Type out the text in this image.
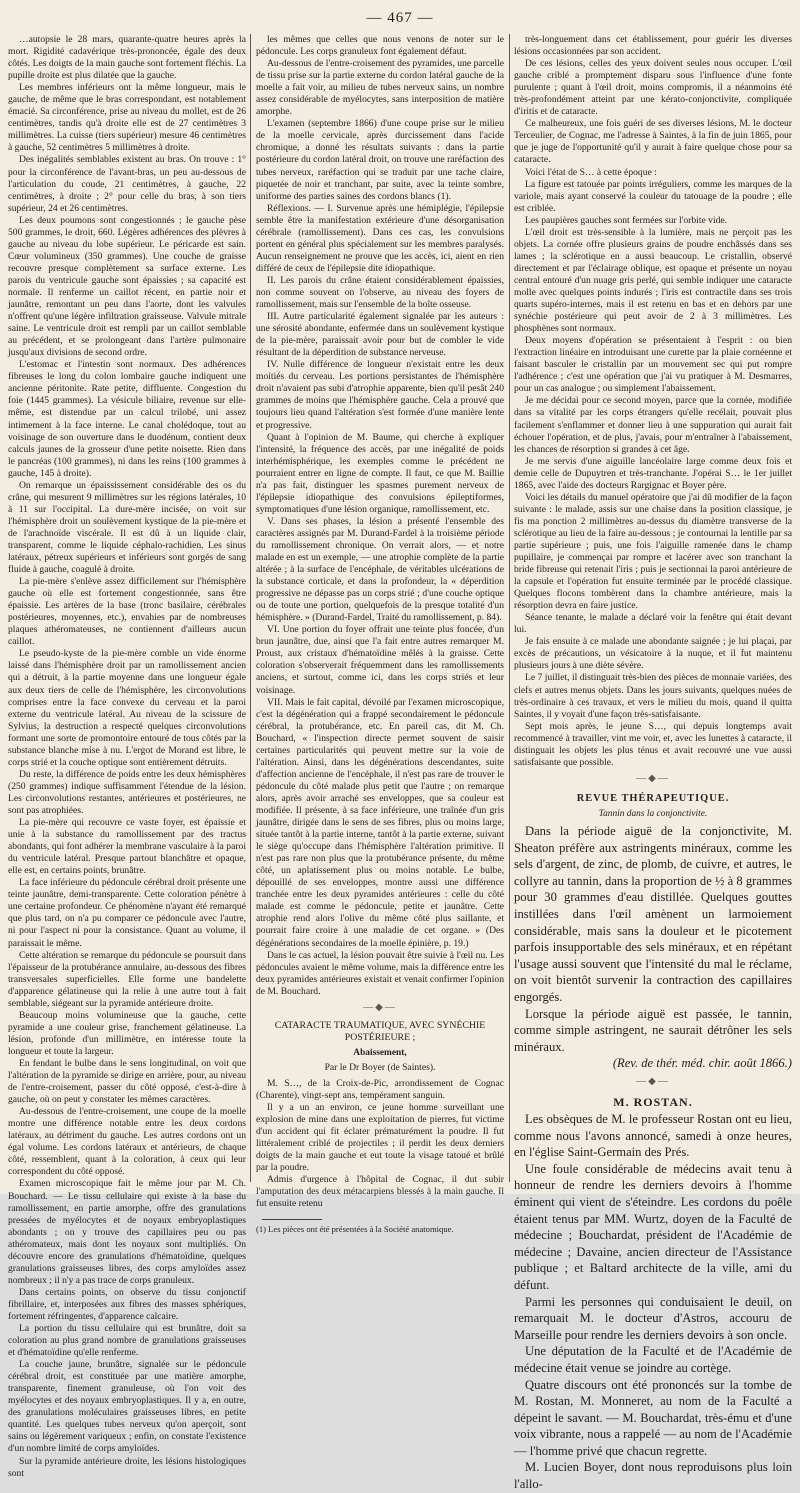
— 467 —

…autopsie le 28 mars, quarante-quatre heures après la mort. Rigidité cadavérique très-prononcée, égale des deux côtés. Les doigts de la main gauche sont fortement fléchis. La pupille droite est plus dilatée que la gauche.

Les membres inférieurs ont la même longueur, mais le gauche, de même que le bras correspondant, est notablement émacié. Sa circonférence, prise au niveau du mollet, est de 26 centimètres, tandis qu'à droite elle est de 27 centimètres 3 millimètres. La cuisse (tiers supérieur) mesure 46 centimètres à gauche, 52 centimètres 5 millimètres à droite.

Des inégalités semblables existent au bras. On trouve : 1° pour la circonférence de l'avant-bras, un peu au-dessous de l'articulation du coude, 21 centimètres, à gauche, 22 centimètres, à droite ; 2° pour celle du bras, à son tiers supérieur, 24 et 26 centimètres.

Les deux poumons sont congestionnés ; le gauche pèse 500 grammes, le droit, 660. Légères adhérences des plèvres à gauche au niveau du lobe supérieur. Le péricarde est sain. Cœur volumineux (350 grammes). Une couche de graisse recouvre presque complètement sa surface externe. Les parois du ventricule gauche sont épaissies ; sa capacité est normale. Il renferme un caillot récent, en partie noir et jaunâtre, remontant un peu dans l'aorte, dont les valvules n'offrent qu'une légère infiltration graisseuse. Valvule mitrale saine. Le ventricule droit est rempli par un caillot semblable au précédent, et se prolongeant dans l'artère pulmonaire jusqu'aux divisions de second ordre.

L'estomac et l'intestin sont normaux. Des adhérences fibreuses le long du colon lombaire gauche indiquent une ancienne péritonite. Rate petite, diffluente. Congestion du foie (1445 grammes). La vésicule biliaire, revenue sur elle-même, est distendue par un calcul trilobé, uni assez intimement à la face interne. Le canal cholédoque, tout au voisinage de son ouverture dans le duodénum, contient deux calculs jaunes de la grosseur d'une petite noisette. Rien dans le pancréas (100 grammes), ni dans les reins (100 grammes à gauche, 145 à droite).

On remarque un épaississement considérable des os du crâne, qui mesurent 9 millimètres sur les régions latérales, 10 à 11 sur l'occipital. La dure-mère incisée, on voit sur l'hémisphère droit un soulèvement kystique de la pie-mère et de l'arachnoïde viscérale. Il est dû à un liquide clair, transparent, comme le liquide céphalo-rachidien. Les sinus latéraux, pétreux supérieurs et inférieurs sont gorgés de sang fluide à gauche, coagulé à droite.

La pie-mère s'enlève assez difficilement sur l'hémisphère gauche où elle est fortement congestionnée, sans être épaissie. Les artères de la base (tronc basilaire, cérébrales postérieures, moyennes, etc.), envahies par de nombreuses plaques athéromateuses, ne contiennent d'ailleurs aucun caillot.

Le pseudo-kyste de la pie-mère comble un vide énorme laissé dans l'hémisphère droit par un ramollissement ancien qui a détruit, à la partie moyenne dans une longueur égale aux deux tiers de celle de l'hémisphère, les circonvolutions comprises entre la face convexe du cerveau et la paroi externe du ventricule latéral. Au niveau de la scissure de Sylvius, la destruction a respecté quelques circonvolutions formant une sorte de promontoire entouré de tous côtés par la substance blanche mise à nu. L'ergot de Morand est libre, le corps strié et la couche optique sont entièrement détruits.

Du reste, la différence de poids entre les deux hémisphères (250 grammes) indique suffisamment l'étendue de la lésion. Les circonvolutions restantes, antérieures et postérieures, ne sont pas atrophiées.

La pie-mère qui recouvre ce vaste foyer, est épaissie et unie à la substance du ramollissement par des tractus abondants, qui font adhérer la membrane vasculaire à la paroi du ventricule latéral. Presque partout blanchâtre et opaque, elle est, en certains points, brunâtre.

La face inférieure du pédoncule cérébral droit présente une teinte jaunâtre, demi-transparente. Cette coloration pénètre à une certaine profondeur. Ce phénomène n'ayant été remarqué que plus tard, on n'a pu comparer ce pédoncule avec l'autre, ni pour l'aspect ni pour la consistance. Quant au volume, il paraissait le même.

Cette altération se remarque du pédoncule se poursuit dans l'épaisseur de la protubérance annulaire, au-dessous des fibres transversales superficielles. Elle forme une bandelette d'apparence gélatineuse qui la relie à une autre tout à fait semblable, siégeant sur la pyramide antérieure droite.

Beaucoup moins volumineuse que la gauche, cette pyramide a une couleur grise, franchement gélatineuse. La lésion, profonde d'un millimètre, en intéresse toute la longueur et toute la largeur.

En fendant le bulbe dans le sens longitudinal, on voit que l'altération de la pyramide se dirige en arrière, pour, au niveau de l'entre-croisement, passer du côté opposé, c'est-à-dire à gauche, où on peut y constater les mêmes caractères.

Au-dessous de l'entre-croisement, une coupe de la moelle montre une différence notable entre les deux cordons latéraux, au détriment du gauche. Les autres cordons ont un égal volume. Les cordons latéraux et antérieurs, de chaque côté, ressemblent, quant à la coloration, à ceux qui leur correspondent du côté opposé.

Examen microscopique fait le même jour par M. Ch. Bouchard. — Le tissu cellulaire qui existe à la base du ramollissement, en partie amorphe, offre des granulations pressées de myélocytes et de noyaux embryoplastiques abondants ; on y trouve des capillaires peu ou pas athéromateux, mais dont les noyaux sont multipliés. On découvre encore des granulations d'hématoïdine, quelques granulations graisseuses libres, des corps amyloïdes assez nombreux ; il n'y a pas trace de corps granuleux.

Dans certains points, on observe du tissu conjonctif fibrillaire, et, interposées aux fibres des masses sphériques, fortement réfringentes, d'apparence calcaire.

La portion du tissu cellulaire qui est brunâtre, doit sa coloration au plus grand nombre de granulations graisseuses et d'hématoïdine qu'elle renferme.

La couche jaune, brunâtre, signalée sur le pédoncule cérébral droit, est constituée par une matière amorphe, transparente, finement granuleuse, où l'on voit des myélocytes et des noyaux embryoplastiques. Il y a, en outre, des granulations moléculaires graisseuses libres, en petite quantité. Les quelques tubes nerveux qu'on aperçoit, sont sains ou légèrement variqueux ; enfin, on constate l'existence d'un nombre limité de corps amyloïdes.

Sur la pyramide antérieure droite, les lésions histologiques sont

les mêmes que celles que nous venons de noter sur le pédoncule. Les corps granuleux font également défaut.

Au-dessous de l'entre-croisement des pyramides, une parcelle de tissu prise sur la partie externe du cordon latéral gauche de la moelle a fait voir, au milieu de tubes nerveux sains, un nombre assez considérable de myélocytes, sans interposition de matière amorphe.

L'examen (septembre 1866) d'une coupe prise sur le milieu de la moelle cervicale, après durcissement dans l'acide chromique, a donné les résultats suivants : dans la partie postérieure du cordon latéral droit, on trouve une raréfaction des tubes nerveux, raréfaction qui se traduit par une tache claire, piquetée de noir et tranchant, par suite, avec la teinte sombre, uniforme des parties saines des cordons blancs (1).

Réflexions. — I. Survenue après une hémiplégie, l'épilepsie semble être la manifestation extérieure d'une désorganisation cérébrale (ramollissement). Dans ces cas, les convulsions portent en général plus spécialement sur les membres paralysés. Aucun renseignement ne prouve que les accès, ici, aient en rien différé de ceux de l'épilepsie dite idiopathique.

II. Les parois du crâne étaient considérablement épaissies, non comme souvent on l'observe, au niveau des foyers de ramollissement, mais sur l'ensemble de la boîte osseuse.

III. Autre particularité également signalée par les auteurs : une sérosité abondante, enfermée dans un soulèvement kystique de la pie-mère, paraissait avoir pour but de combler le vide résultant de la déperdition de substance nerveuse.

IV. Nulle différence de longueur n'existait entre les deux moitiés du cerveau. Les portions persistantes de l'hémisphère droit n'avaient pas subi d'atrophie apparente, bien qu'il pesât 240 grammes de moins que l'hémisphère gauche. Cela a prouvé que toujours lieu quand l'altération s'est formée d'une manière lente et progressive.

Quant à l'opinion de M. Baume, qui cherche à expliquer l'intensité, la fréquence des accès, par une inégalité de poids interhémisphérique, les exemples comme le précédent ne pourraient entrer en ligne de compte. Il faut, ce que M. Baillie n'a pas fait, distinguer les spasmes purement nerveux de l'épilepsie idiopathique des convulsions épileptiformes, symptomatiques d'une lésion organique, ramollissement, etc.

V. Dans ses phases, la lésion a présenté l'ensemble des caractères assignés par M. Durand-Fardel à la troisième période du ramollissement chronique. On verrait alors, — et notre malade en est un exemple, — une atrophie complète de la partie altérée ; à la surface de l'encéphale, de véritables ulcérations de la substance corticale, et dans la profondeur, la « déperdition progressive ne dépasse pas un corps strié ; d'une couche optique ou de toute une portion, quelquefois de la presque totalité d'un hémisphère. » (Durand-Fardel, Traité du ramollissement, p. 84).

VI. Une portion du foyer offrait une teinte plus foncée, d'un brun jaunâtre, due, ainsi que l'a fait entre autres remarquer M. Proust, aux cristaux d'hématoïdine mêlés à la graisse. Cette coloration s'observerait fréquemment dans les ramollissements anciens, et surtout, comme ici, dans les corps striés et leur voisinage.

VII. Mais le fait capital, dévoilé par l'examen microscopique, c'est la dégénération qui a frappé secondairement le pédoncule cérébral, la protubérance, etc. En pareil cas, dit M. Ch. Bouchard, « l'inspection directe permet souvent de saisir certaines particularités qui peuvent mettre sur la voie de l'altération. Ainsi, dans les dégénérations descendantes, suite d'affection ancienne de l'encéphale, il n'est pas rare de trouver le pédoncule du côté malade plus petit que l'autre ; on remarque alors, après avoir arraché ses enveloppes, que sa couleur est modifiée. Il présente, à sa face inférieure, une traînée d'un gris jaunâtre, dirigée dans le sens de ses fibres, plus ou moins large, située tantôt à la partie interne, tantôt à la partie externe, suivant le siège qu'occupe dans l'hémisphère l'altération primitive. Il n'est pas rare non plus que la protubérance présente, du même côté, un aplatissement plus ou moins notable. Le bulbe, dépouillé de ses enveloppes, montre aussi une différence tranchée entre les deux pyramides antérieures : celle du côté malade est comme le pédoncule, petite et jaunâtre. Cette atrophie rend alors l'olive du même côté plus saillante, et pourrait faire croire à une maladie de cet organe. » (Des dégénérations secondaires de la moelle épinière, p. 19.)

Dans le cas actuel, la lésion pouvait être suivie à l'œil nu. Les pédoncules avaient le même volume, mais la différence entre les deux pyramides antérieures existait et venait confirmer l'opinion de M. Bouchard.

—◆—

CATARACTE TRAUMATIQUE, AVEC SYNÉCHIE POSTÉRIEURE ;

Abaissement,

Par le Dr Boyer (de Saintes).

M. S…, de la Croix-de-Pic, arrondissement de Cognac (Charente), vingt-sept ans, tempérament sanguin.

Il y a un an environ, ce jeune homme surveillant une explosion de mine dans une exploitation de pierres, fut victime d'un accident qui fit éclater prématurément la poudre. Il fut littéralement criblé de projectiles ; il perdit les deux derniers doigts de la main gauche et eut toute la visage tatoué et brûlé par la poudre.

Admis d'urgence à l'hôpital de Cognac, il dut subir l'amputation des deux métacarpiens blessés à la main gauche. Il fut ensuite retenu

(1) Les pièces ont été présentées à la Société anatomique.

très-longuement dans cet établissement, pour guérir les diverses lésions occasionnées par son accident.

De ces lésions, celles des yeux doivent seules nous occuper. L'œil gauche criblé a promptement disparu sous l'influence d'une fonte purulente ; quant à l'œil droit, moins compromis, il a néanmoins été très-profondément atteint par une kérato-conjonctivite, compliquée d'iritis et de cataracte.

Ce malheureux, une fois guéri de ses diverses lésions, M. le docteur Terceulier, de Cognac, me l'adresse à Saintes, à la fin de juin 1865, pour que je juge de l'opportunité qu'il y aurait à faire quelque chose pour sa cataracte.

Voici l'état de S… à cette époque :

La figure est tatouée par points irréguliers, comme les marques de la variole, mais ayant conservé la couleur du tatouage de la poudre ; elle est criblée.

Les paupières gauches sont fermées sur l'orbite vide.

L'œil droit est très-sensible à la lumière, mais ne perçoit pas les objets. La cornée offre plusieurs grains de poudre enchâssés dans ses lames ; la sclérotique en a aussi beaucoup. Le cristallin, observé directement et par l'éclairage oblique, est opaque et présente un noyau central entouré d'un nuage gris perlé, qui semble indiquer une cataracte molle avec quelques points indurés ; l'iris est contractile dans ses trois quarts supéro-internes, mais il est retenu en bas et en dehors par une synéchie postérieure qui peut avoir de 2 à 3 millimètres. Les phosphènes sont normaux.

Deux moyens d'opération se présentaient à l'esprit : ou bien l'extraction linéaire en introduisant une curette par la plaie cornéenne et faisant basculer le cristallin par un mouvement sec qui put rompre l'adhérence ; c'est une opération que j'ai vu pratiquer à M. Desmarres, pour un cas analogue ; ou simplement l'abaissement.

Je me décidai pour ce second moyen, parce que la cornée, modifiée dans sa vitalité par les corps étrangers qu'elle recélait, pouvait plus facilement s'enflammer et donner lieu à une suppuration qui aurait fait échouer l'opération, et de plus, j'avais, pour m'entraîner à l'abaissement, les chances de résorption si grandes à cet âge.

Je me servis d'une aiguille lancéolaire large comme deux fois et demie celle de Dupuytren et très-tranchante. J'opérai S… le 1er juillet 1865, avec l'aide des docteurs Rargignac et Boyer père.

Voici les détails du manuel opératoire que j'ai dû modifier de la façon suivante : le malade, assis sur une chaise dans la position classique, je fis ma ponction 2 millimètres au-dessus du diamètre transverse de la sclérotique au lieu de la faire au-dessous ; je contournai la lentille par sa partie supérieure ; puis, une fois l'aiguille ramenée dans le champ pupillaire, je commençai par rompre et lacérer avec son tranchant la bride fibreuse qui retenait l'iris ; puis je sectionnai la paroi antérieure de la capsule et l'opération fut ensuite terminée par le procédé classique. Quelques flocons tombèrent dans la chambre antérieure, mais la résorption devra en faire justice.

Séance tenante, le malade a déclaré voir la fenêtre qui était devant lui.

Je fais ensuite à ce malade une abondante saignée ; je lui plaçai, par excès de précautions, un vésicatoire à la nuque, et il fut maintenu plusieurs jours à une diète sévère.

Le 7 juillet, il distinguait très-bien des pièces de monnaie variées, des clefs et autres menus objets. Dans les jours suivants, quelques nuées de très-ordinaire à ces travaux, et vers le milieu du mois, quand il quitta Saintes, il y voyait d'une façon très-satisfaisante.

Sept mois après, le jeune S…, qui depuis longtemps avait recommencé à travailler, vint me voir, et, avec les lunettes à cataracte, il distinguait les objets les plus ténus et avait recouvré une vue aussi satisfaisante que possible.

—◆—

REVUE THÉRAPEUTIQUE.

Tannin dans la conjonctivite.

Dans la période aiguë de la conjonctivite, M. Sheaton préfère aux astringents minéraux, comme les sels d'argent, de zinc, de plomb, de cuivre, et autres, le collyre au tannin, dans la proportion de ½ à 8 grammes pour 30 grammes d'eau distillée. Quelques gouttes instillées dans l'œil amènent un larmoiement considérable, mais sans la douleur et le picotement parfois insupportable des sels minéraux, et en répétant l'usage aussi souvent que l'intensité du mal le réclame, on voit bientôt survenir la contraction des capillaires engorgés.

Lorsque la période aiguë est passée, le tannin, comme simple astringent, ne saurait détrôner les sels minéraux.

(Rev. de thér. méd. chir. août 1866.)

—◆—

M. ROSTAN.

Les obsèques de M. le professeur Rostan ont eu lieu, comme nous l'avons annoncé, samedi à onze heures, en l'église Saint-Germain des Prés.

Une foule considérable de médecins avait tenu à honneur de rendre les derniers devoirs à l'homme éminent qui vient de s'éteindre. Les cordons du poêle étaient tenus par MM. Wurtz, doyen de la Faculté de médecine ; Bouchardat, président de l'Académie de médecine ; Davaine, ancien directeur de l'Assistance publique ; et Baltard architecte de la ville, ami du défunt.

Parmi les personnes qui conduisaient le deuil, on remarquait M. le docteur d'Astros, accouru de Marseille pour rendre les derniers devoirs à son oncle.

Une députation de la Faculté et de l'Académie de médecine était venue se joindre au cortège.

Quatre discours ont été prononcés sur la tombe de M. Rostan, M. Monneret, au nom de la Faculté a dépeint le savant. — M. Bouchardat, très-ému et d'une voix vibrante, nous a rappelé — au nom de l'Académie — l'homme privé que chacun regrette.

M. Lucien Boyer, dont nous reproduisons plus loin l'allo-
